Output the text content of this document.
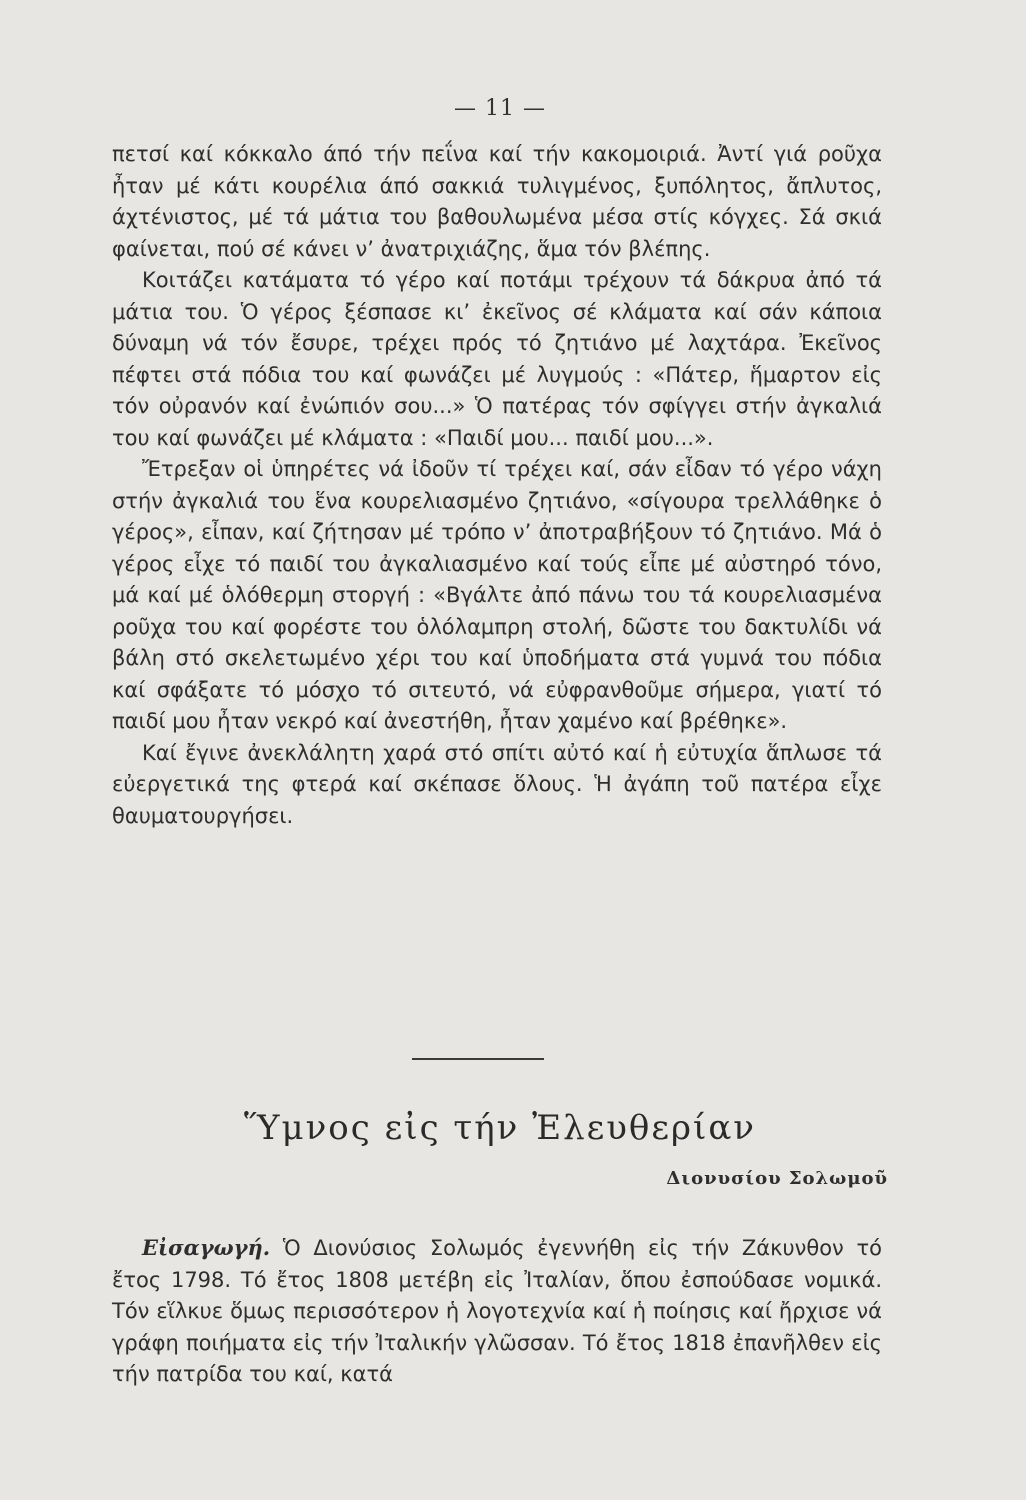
— 11 —

πετσί καί κόκκαλο άπό τήν πεΐνα καί τήν κακομοιριά. Ἀντί γιά ροῦχα ἦταν μέ κάτι κουρέλια άπό σακκιά τυλιγμένος, ξυπόλητος, ἄπλυτος, άχτένιστος, μέ τά μάτια του βαθουλωμένα μέσα στίς κόγχες. Σά σκιά φαίνεται, πού σέ κάνει ν’ ἀνατριχιάζης, ἅμα τόν βλέπης.

Κοιτάζει κατάματα τό γέρο καί ποτάμι τρέχουν τά δάκρυα ἀπό τά μάτια του. Ὁ γέρος ξέσπασε κι’ ἐκεῖνος σέ κλάματα καί σάν κάποια δύναμη νά τόν ἔσυρε, τρέχει πρός τό ζητιάνο μέ λαχτάρα. Ἐκεῖνος πέφτει στά πόδια του καί φωνάζει μέ λυγμούς : «Πάτερ, ἥμαρτον εἰς τόν οὐρανόν καί ἐνώπιόν σου...» Ὁ πατέρας τόν σφίγγει στήν ἀγκαλιά του καί φωνάζει μέ κλάματα : «Παιδί μου... παιδί μου...».

Ἔτρεξαν οἱ ὑπηρέτες νά ἰδοῦν τί τρέχει καί, σάν εἶδαν τό γέρο νάχη στήν ἀγκαλιά του ἕνα κουρελιασμένο ζητιάνο, «σίγουρα τρελλάθηκε ὁ γέρος», εἶπαν, καί ζήτησαν μέ τρόπο ν’ ἀποτραβήξουν τό ζητιάνο. Μά ὁ γέρος εἶχε τό παιδί του ἀγκαλιασμένο καί τούς εἶπε μέ αὐστηρό τόνο, μά καί μέ ὁλόθερμη στοργή : «Βγάλτε ἀπό πάνω του τά κουρελιασμένα ροῦχα του καί φορέστε του ὁλόλαμπρη στολή, δῶστε του δακτυλίδι νά βάλη στό σκελετωμένο χέρι του καί ὑποδήματα στά γυμνά του πόδια καί σφάξατε τό μόσχο τό σιτευτό, νά εὐφρανθοῦμε σήμερα, γιατί τό παιδί μου ἦταν νεκρό καί ἀνεστήθη, ἦταν χαμένο καί βρέθηκε».

Καί ἔγινε ἀνεκλάλητη χαρά στό σπίτι αὐτό καί ἡ εὐτυχία ἅπλωσε τά εὐεργετικά της φτερά καί σκέπασε ὅλους. Ἡ ἀγάπη τοῦ πατέρα εἶχε θαυματουργήσει.

Ὕμνος εἰς τήν Ἐλευθερίαν
Διονυσίου Σολωμοῦ

Εἰσαγωγή. Ὁ Διονύσιος Σολωμός ἐγεννήθη εἰς τήν Ζάκυνθον τό ἔτος 1798. Τό ἔτος 1808 μετέβη εἰς Ἰταλίαν, ὅπου ἐσπούδασε νομικά. Τόν εἵλκυε ὅμως περισσότερον ἡ λογοτεχνία καί ἡ ποίησις καί ἤρχισε νά γράφη ποιήματα εἰς τήν Ἰταλικήν γλῶσσαν. Τό ἔτος 1818 ἐπανῆλθεν εἰς τήν πατρίδα του καί, κατά
